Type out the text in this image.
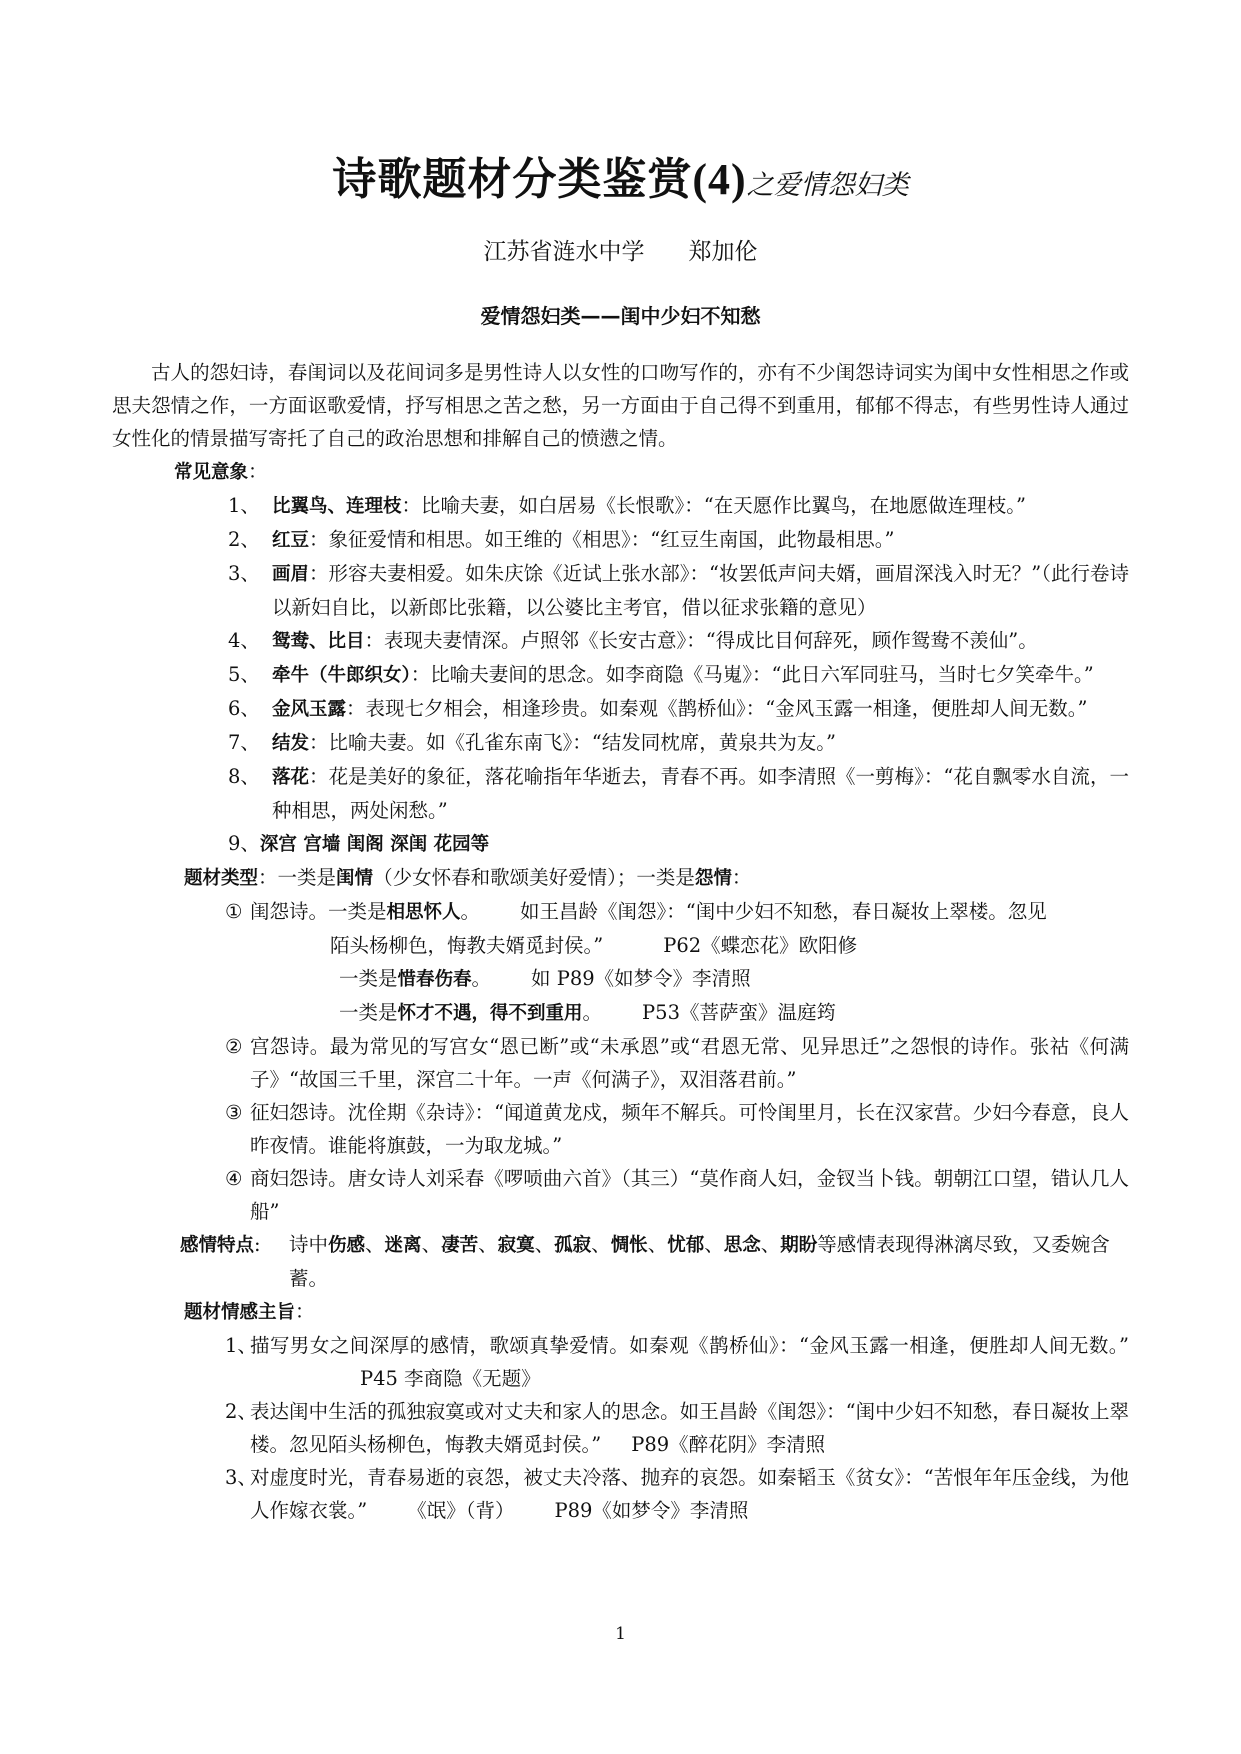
诗歌题材分类鉴赏(4)之爱情怨妇类
江苏省涟水中学 郑加伦
爱情怨妇类——闺中少妇不知愁

古人的怨妇诗，春闺词以及花间词多是男性诗人以女性的口吻写作的，亦有不少闺怨诗词实为闺中女性相思之作或思夫怨情之作，一方面讴歌爱情，抒写相思之苦之愁，另一方面由于自己得不到重用，郁郁不得志，有些男性诗人通过女性化的情景描写寄托了自己的政治思想和排解自己的愤懑之情。

常见意象：

1、 比翼鸟、连理枝：比喻夫妻，如白居易《长恨歌》：“在天愿作比翼鸟，在地愿做连理枝。”

2、 红豆：象征爱情和相思。如王维的《相思》：“红豆生南国，此物最相思。”

3、 画眉：形容夫妻相爱。如朱庆馀《近试上张水部》：“妆罢低声问夫婿，画眉深浅入时无？”（此行卷诗以新妇自比，以新郎比张籍，以公婆比主考官，借以征求张籍的意见）

4、 鸳鸯、比目：表现夫妻情深。卢照邻《长安古意》：“得成比目何辞死，顾作鸳鸯不羡仙”。

5、 牵牛（牛郎织女）：比喻夫妻间的思念。如李商隐《马嵬》：“此日六军同驻马，当时七夕笑牵牛。”

6、 金风玉露：表现七夕相会，相逢珍贵。如秦观《鹊桥仙》：“金风玉露一相逢，便胜却人间无数。”

7、 结发：比喻夫妻。如《孔雀东南飞》：“结发同枕席，黄泉共为友。”

8、 落花：花是美好的象征，落花喻指年华逝去，青春不再。如李清照《一剪梅》：“花自飘零水自流，一种相思，两处闲愁。”

9、深宫 宫墙 闺阁 深闺 花园等

题材类型：一类是闺情（少女怀春和歌颂美好爱情）；一类是怨情：

① 闺怨诗。一类是相思怀人。 如王昌龄《闺怨》：“闺中少妇不知愁，春日凝妆上翠楼。忽见

陌头杨柳色，悔教夫婿觅封侯。”	P62《蝶恋花》欧阳修

一类是惜春伤春。 如 P89《如梦令》李清照

一类是怀才不遇，得不到重用。 P53《菩萨蛮》温庭筠

② 宫怨诗。最为常见的写宫女“恩已断”或“未承恩”或“君恩无常、见异思迁”之怨恨的诗作。张祜《何满子》“故国三千里，深宫二十年。一声《何满子》，双泪落君前。”

③ 征妇怨诗。沈佺期《杂诗》：“闻道黄龙戍，频年不解兵。可怜闺里月，长在汉家营。少妇今春意，良人昨夜情。谁能将旗鼓，一为取龙城。”

④ 商妇怨诗。唐女诗人刘采春《啰唝曲六首》（其三）“莫作商人妇，金钗当卜钱。朝朝江口望，错认几人船”

感情特点: 诗中伤感、迷离、凄苦、寂寞、孤寂、惆怅、忧郁、思念、期盼等感情表现得淋漓尽致，又委婉含蓄。

题材情感主旨：

1、
描写男女之间深厚的感情，歌颂真挚爱情。如秦观《鹊桥仙》：“金风玉露一相逢，便胜却人间无数。”P45 李商隐《无题》

2、
表达闺中生活的孤独寂寞或对丈夫和家人的思念。如王昌龄《闺怨》：“闺中少妇不知愁，春日凝妆上翠楼。忽见陌头杨柳色，悔教夫婿觅封侯。” P89《醉花阴》李清照

3、
对虚度时光，青春易逝的哀怨，被丈夫冷落、抛弃的哀怨。如秦韬玉《贫女》：“苦恨年年压金线，为他人作嫁衣裳。” 《氓》（背） P89《如梦令》李清照

1
